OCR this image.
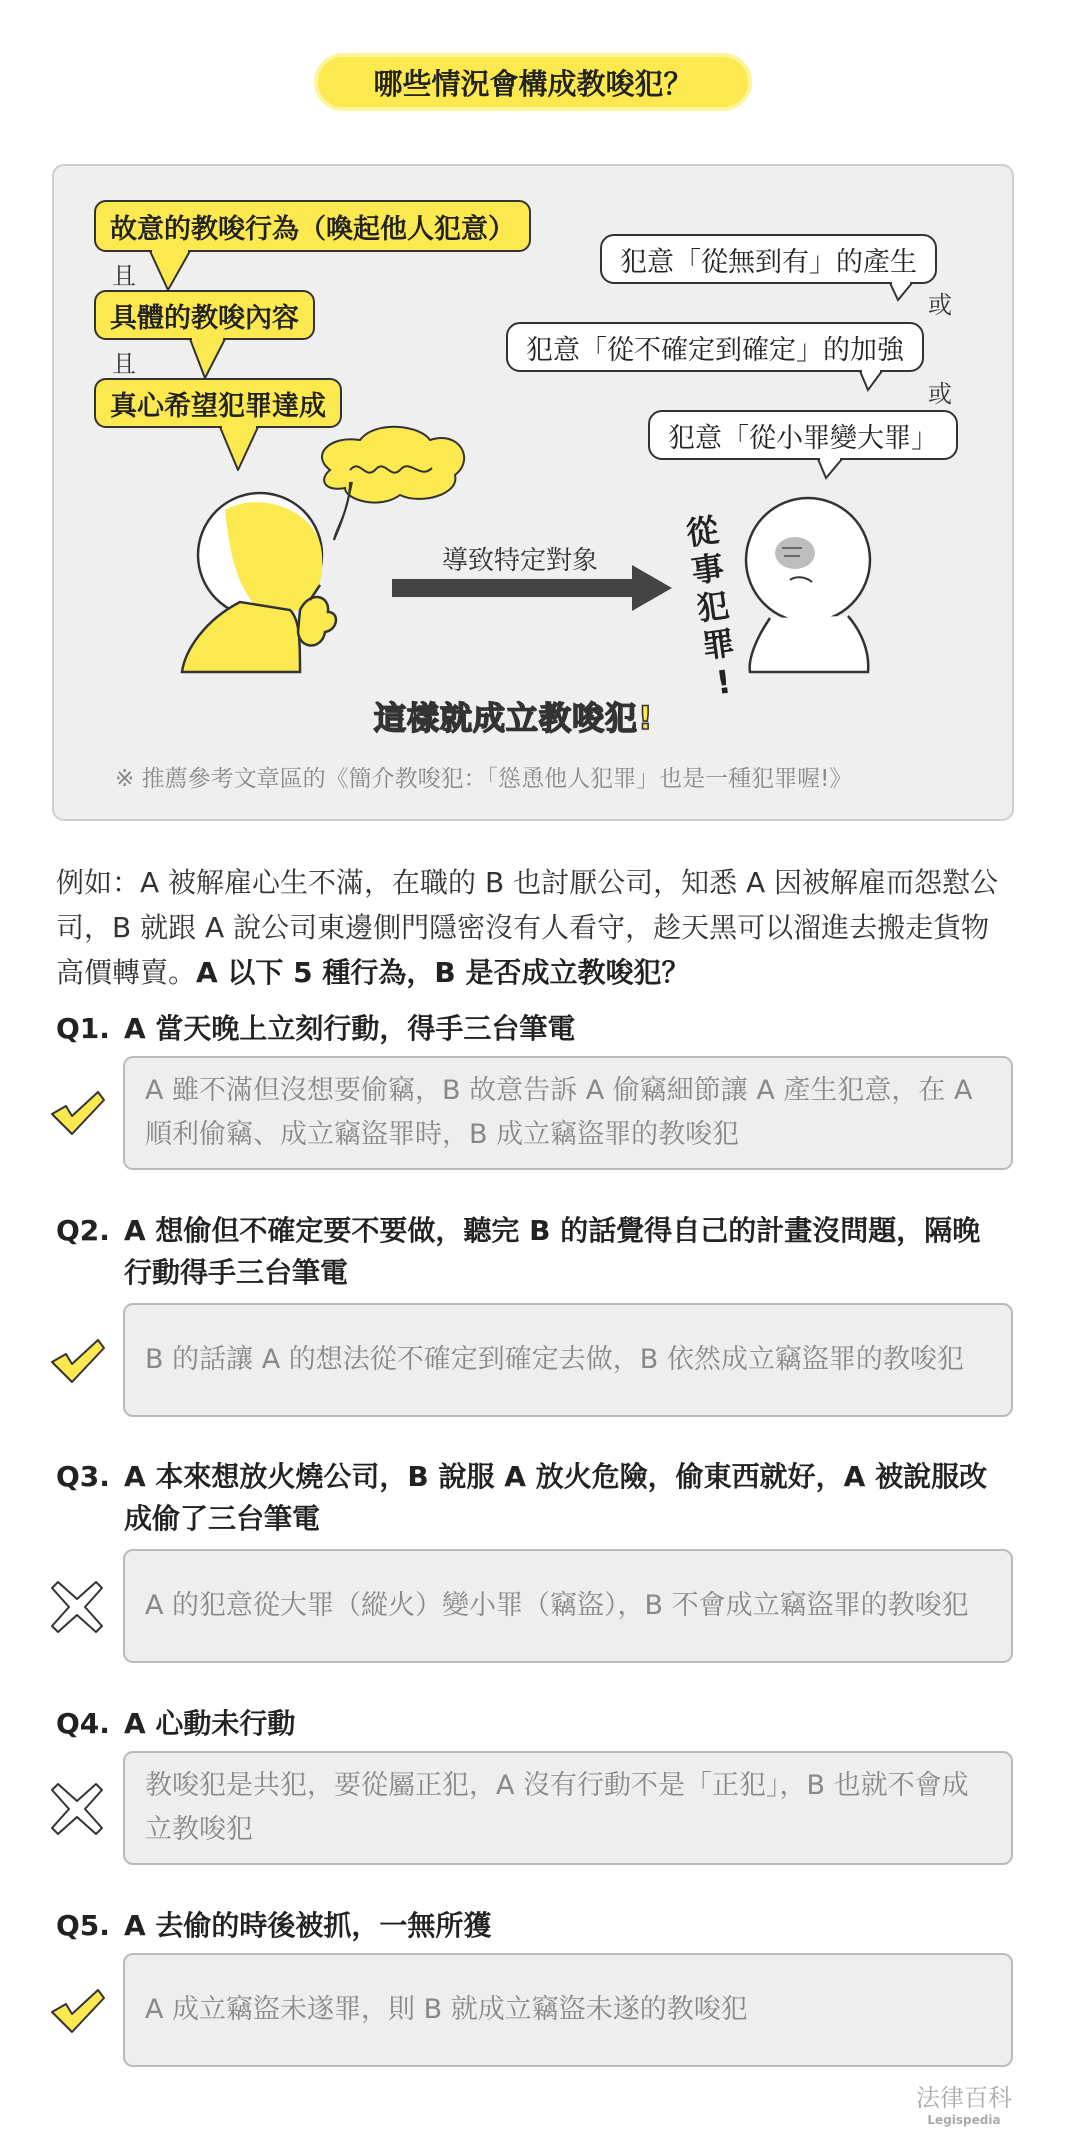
哪些情況會構成教唆犯？
故意的教唆行為（喚起他人犯意）
且
具體的教唆內容
且
真心希望犯罪達成
犯意「從無到有」的產生
或
犯意「從不確定到確定」的加強
或
犯意「從小罪變大罪」
導致特定對象
從
事
犯
罪
!
這樣就成立教唆犯!
※ 推薦參考文章區的《簡介教唆犯：「慫恿他人犯罪」也是一種犯罪喔!》
例如：A 被解雇心生不滿，在職的 B 也討厭公司，知悉 A 因被解雇而怨懟公司，B 就跟 A 說公司東邊側門隱密沒有人看守，趁天黑可以溜進去搬走貨物高價轉賣。A 以下 5 種行為，B 是否成立教唆犯？
Q1. A 當天晚上立刻行動，得手三台筆電
A 雖不滿但沒想要偷竊，B 故意告訴 A 偷竊細節讓 A 產生犯意，在 A 順利偷竊、成立竊盜罪時，B 成立竊盜罪的教唆犯
Q2. A 想偷但不確定要不要做，聽完 B 的話覺得自己的計畫沒問題，隔晚行動得手三台筆電
B 的話讓 A 的想法從不確定到確定去做，B 依然成立竊盜罪的教唆犯
Q3. A 本來想放火燒公司，B 說服 A 放火危險，偷東西就好，A 被說服改成偷了三台筆電
A 的犯意從大罪（縱火）變小罪（竊盜），B 不會成立竊盜罪的教唆犯
Q4. A 心動未行動
教唆犯是共犯，要從屬正犯，A 沒有行動不是「正犯」，B 也就不會成立教唆犯
Q5. A 去偷的時後被抓，一無所獲
A 成立竊盜未遂罪，則 B 就成立竊盜未遂的教唆犯
法律百科
Legispedia
